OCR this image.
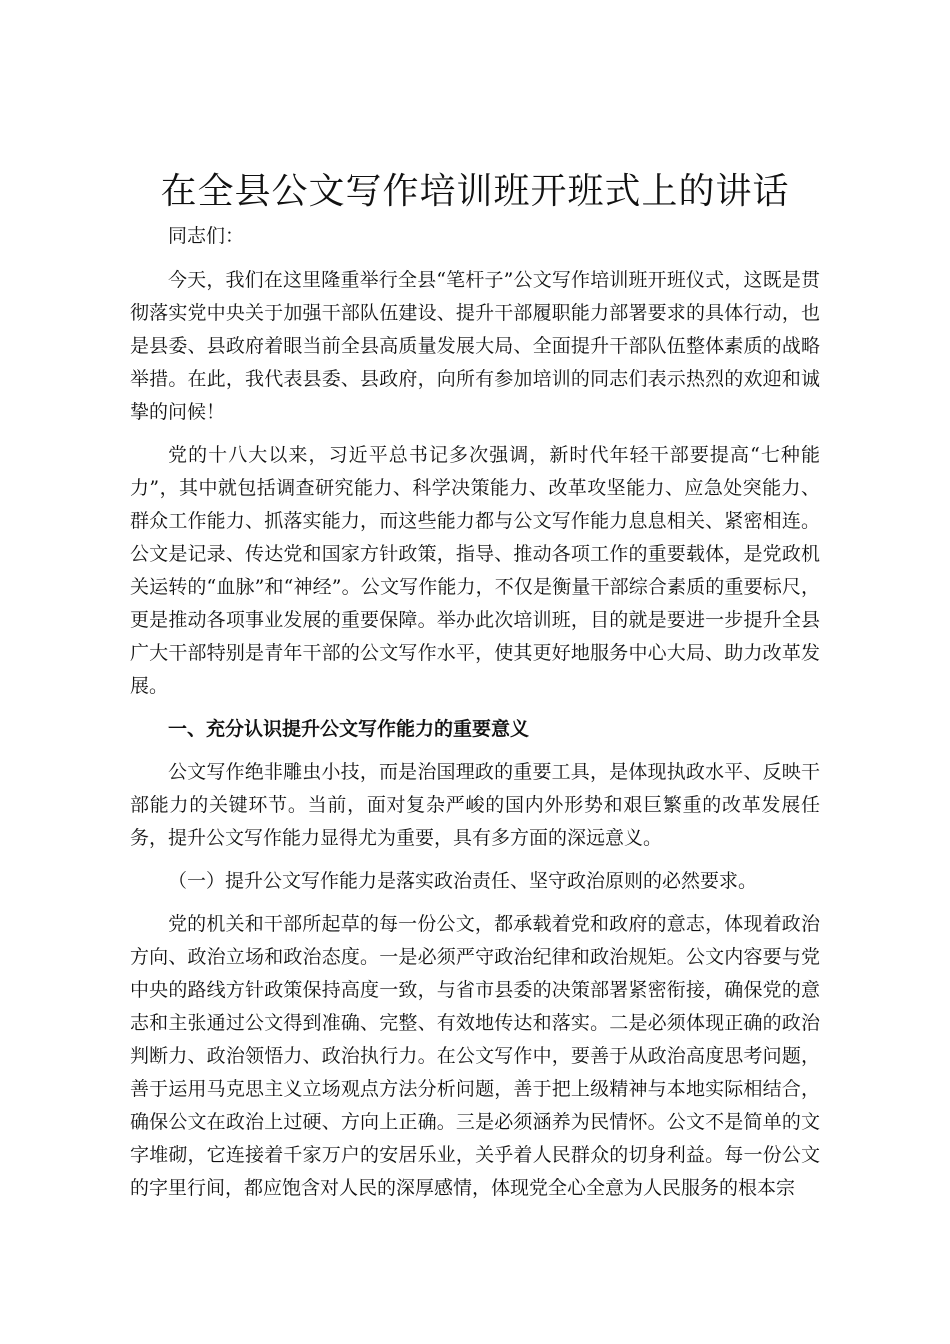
在全县公文写作培训班开班式上的讲话

同志们：

今天，我们在这里隆重举行全县“笔杆子”公文写作培训班开班仪式，这既是贯彻落实党中央关于加强干部队伍建设、提升干部履职能力部署要求的具体行动，也是县委、县政府着眼当前全县高质量发展大局、全面提升干部队伍整体素质的战略举措。在此，我代表县委、县政府，向所有参加培训的同志们表示热烈的欢迎和诚挚的问候！

党的十八大以来，习近平总书记多次强调，新时代年轻干部要提高“七种能力”，其中就包括调查研究能力、科学决策能力、改革攻坚能力、应急处突能力、群众工作能力、抓落实能力，而这些能力都与公文写作能力息息相关、紧密相连。公文是记录、传达党和国家方针政策，指导、推动各项工作的重要载体，是党政机关运转的“血脉”和“神经”。公文写作能力，不仅是衡量干部综合素质的重要标尺，更是推动各项事业发展的重要保障。举办此次培训班，目的就是要进一步提升全县广大干部特别是青年干部的公文写作水平，使其更好地服务中心大局、助力改革发展。

一、充分认识提升公文写作能力的重要意义

公文写作绝非雕虫小技，而是治国理政的重要工具，是体现执政水平、反映干部能力的关键环节。当前，面对复杂严峻的国内外形势和艰巨繁重的改革发展任务，提升公文写作能力显得尤为重要，具有多方面的深远意义。

（一）提升公文写作能力是落实政治责任、坚守政治原则的必然要求。

党的机关和干部所起草的每一份公文，都承载着党和政府的意志，体现着政治方向、政治立场和政治态度。一是必须严守政治纪律和政治规矩。公文内容要与党中央的路线方针政策保持高度一致，与省市县委的决策部署紧密衔接，确保党的意志和主张通过公文得到准确、完整、有效地传达和落实。二是必须体现正确的政治判断力、政治领悟力、政治执行力。在公文写作中，要善于从政治高度思考问题，善于运用马克思主义立场观点方法分析问题，善于把上级精神与本地实际相结合，确保公文在政治上过硬、方向上正确。三是必须涵养为民情怀。公文不是简单的文字堆砌，它连接着千家万户的安居乐业，关乎着人民群众的切身利益。每一份公文的字里行间，都应饱含对人民的深厚感情，体现党全心全意为人民服务的根本宗
